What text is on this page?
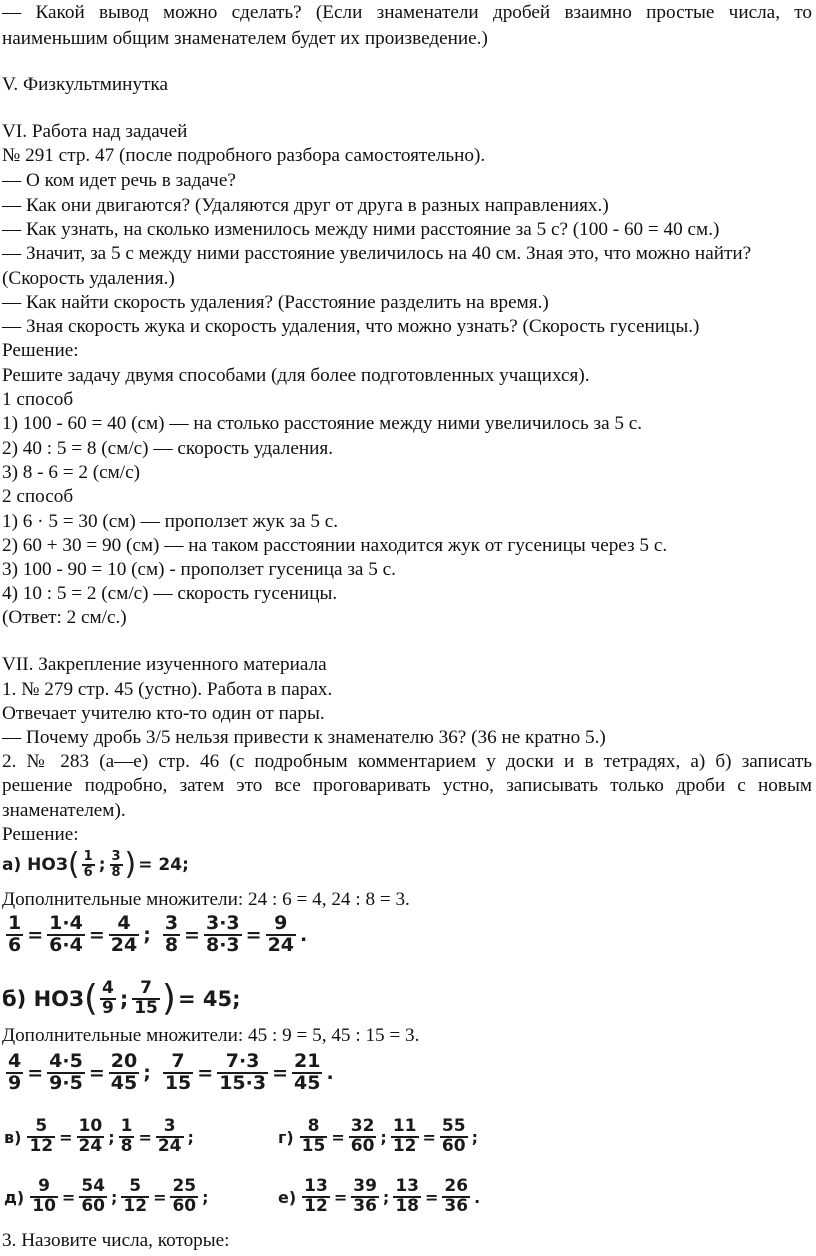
— Какой вывод можно сделать? (Если знаменатели дробей взаимно простые числа, то
наименьшим общим знаменателем будет их произведение.)
V. Физкультминутка
VI. Работа над задачей
№ 291 стр. 47 (после подробного разбора самостоятельно).
— О ком идет речь в задаче?
— Как они двигаются? (Удаляются друг от друга в разных направлениях.)
— Как узнать, на сколько изменилось между ними расстояние за 5 с? (100 - 60 = 40 см.)
— Значит, за 5 с между ними расстояние увеличилось на 40 см. Зная это, что можно найти?
(Скорость удаления.)
— Как найти скорость удаления? (Расстояние разделить на время.)
— Зная скорость жука и скорость удаления, что можно узнать? (Скорость гусеницы.)
Решение:
Решите задачу двумя способами (для более подготовленных учащихся).
1 способ
1) 100 - 60 = 40 (см) — на столько расстояние между ними увеличилось за 5 с.
2) 40 : 5 = 8 (см/с) — скорость удаления.
3) 8 - 6 = 2 (см/с)
2 способ
1) 6 · 5 = 30 (см) — проползет жук за 5 с.
2) 60 + 30 = 90 (см) — на таком расстоянии находится жук от гусеницы через 5 с.
3) 100 - 90 = 10 (см) - проползет гусеница за 5 с.
4) 10 : 5 = 2 (см/с) — скорость гусеницы.
(Ответ: 2 см/с.)
VII. Закрепление изученного материала
1. № 279 стр. 45 (устно). Работа в парах.
Отвечает учителю кто-то один от пары.
— Почему дробь 3/5 нельзя привести к знаменателю 36? (36 не кратно 5.)
2. № 283 (а—е) стр. 46 (с подробным комментарием у доски и в тетрадях, а) б) записать
решение подробно, затем это все проговаривать устно, записывать только дроби с новым
знаменателем).
Решение:
а) НОЗ ( $\frac{1}{6}$ ; $\frac{3}{8}$ ) = 24;
Дополнительные множители: 24 : 6 = 4, 24 : 8 = 3.
$\frac{1}{6} = \frac{1\cdot 4}{6\cdot 4} = \frac{4}{24}$ ; $\frac{3}{8} = \frac{3\cdot 3}{8\cdot 3} = \frac{9}{24}$ .
б) НОЗ ( $\frac{4}{9}$ ; $\frac{7}{15}$ ) = 45;
Дополнительные множители: 45 : 9 = 5, 45 : 15 = 3.
$\frac{4}{9} = \frac{4\cdot 5}{9\cdot 5} = \frac{20}{45}$ ; $\frac{7}{15} = \frac{7\cdot 3}{15\cdot 3} = \frac{21}{45}$ .
$в) \frac{5}{12} = \frac{10}{24}$ ; $\frac{1}{8} = \frac{3}{24}$ ;	$г) \frac{8}{15} = \frac{32}{60}$ ; $\frac{11}{12} = \frac{55}{60}$ ;
$д) \frac{9}{10} = \frac{54}{60}$ ; $\frac{5}{12} = \frac{25}{60}$ ;	$е) \frac{13}{12} = \frac{39}{36}$ ; $\frac{13}{18} = \frac{26}{36}$ .
3. Назовите числа, которые:
